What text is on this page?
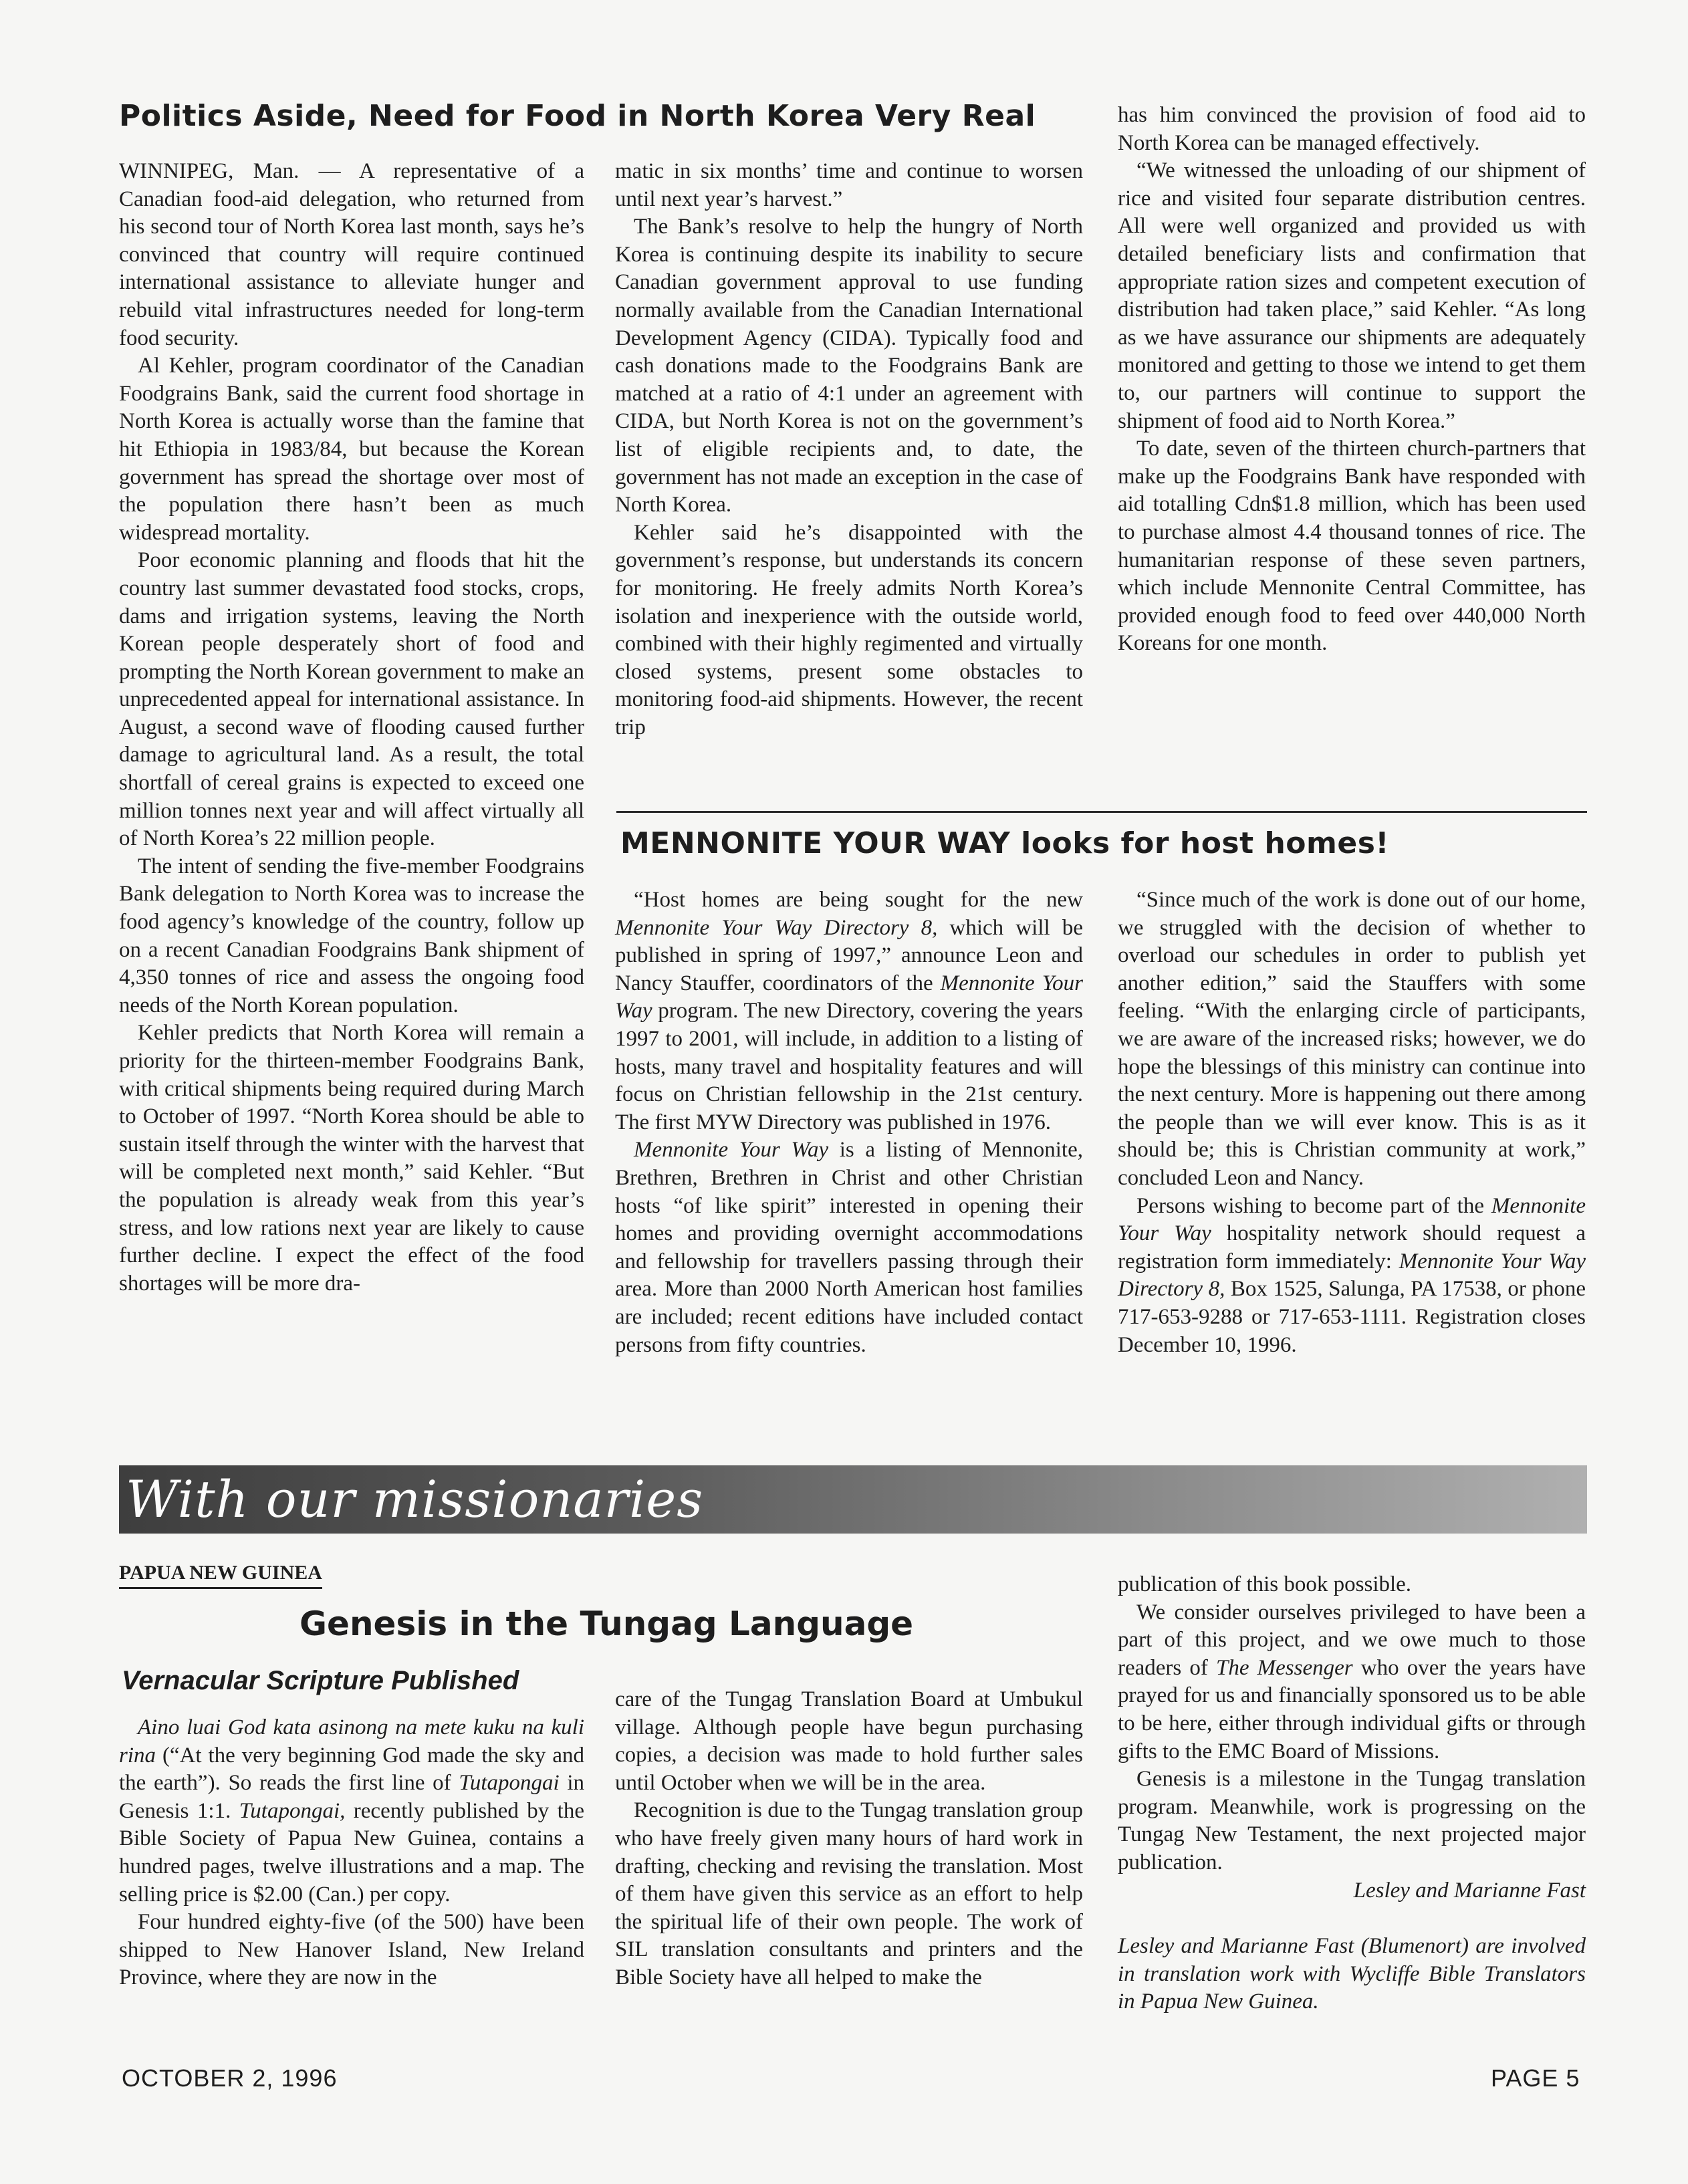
Politics Aside, Need for Food in North Korea Very Real

WINNIPEG, Man. — A representative of a Canadian food-aid delegation, who returned from his second tour of North Korea last month, says he’s convinced that country will require continued international assistance to alleviate hunger and rebuild vital infrastructures needed for long-term food security.

Al Kehler, program coordinator of the Canadian Foodgrains Bank, said the current food shortage in North Korea is actually worse than the famine that hit Ethiopia in 1983/84, but because the Korean government has spread the shortage over most of the population there hasn’t been as much widespread mortality.

Poor economic planning and floods that hit the country last summer devastated food stocks, crops, dams and irrigation systems, leaving the North Korean people desperately short of food and prompting the North Korean government to make an unprecedented appeal for international assistance. In August, a second wave of flooding caused further damage to agricultural land. As a result, the total shortfall of cereal grains is expected to exceed one million tonnes next year and will affect virtually all of North Korea’s 22 million people.

The intent of sending the five-member Foodgrains Bank delegation to North Korea was to increase the food agency’s knowledge of the country, follow up on a recent Canadian Foodgrains Bank shipment of 4,350 tonnes of rice and assess the ongoing food needs of the North Korean population.

Kehler predicts that North Korea will remain a priority for the thirteen-member Foodgrains Bank, with critical shipments being required during March to October of 1997. “North Korea should be able to sustain itself through the winter with the harvest that will be completed next month,” said Kehler. “But the population is already weak from this year’s stress, and low rations next year are likely to cause further decline. I expect the effect of the food shortages will be more dra-

matic in six months’ time and continue to worsen until next year’s harvest.”

The Bank’s resolve to help the hungry of North Korea is continuing despite its inability to secure Canadian government approval to use funding normally available from the Canadian International Development Agency (CIDA). Typically food and cash donations made to the Foodgrains Bank are matched at a ratio of 4:1 under an agreement with CIDA, but North Korea is not on the government’s list of eligible recipients and, to date, the government has not made an exception in the case of North Korea.

Kehler said he’s disappointed with the government’s response, but understands its concern for monitoring. He freely admits North Korea’s isolation and inexperience with the outside world, combined with their highly regimented and virtually closed systems, present some obstacles to monitoring food-aid shipments. However, the recent trip

has him convinced the provision of food aid to North Korea can be managed effectively.

“We witnessed the unloading of our shipment of rice and visited four separate distribution centres. All were well organized and provided us with detailed beneficiary lists and confirmation that appropriate ration sizes and competent execution of distribution had taken place,” said Kehler. “As long as we have assurance our shipments are adequately monitored and getting to those we intend to get them to, our partners will continue to support the shipment of food aid to North Korea.”

To date, seven of the thirteen church-partners that make up the Foodgrains Bank have responded with aid totalling Cdn$1.8 million, which has been used to purchase almost 4.4 thousand tonnes of rice. The humanitarian response of these seven partners, which include Mennonite Central Committee, has provided enough food to feed over 440,000 North Koreans for one month.

MENNONITE YOUR WAY looks for host homes!

“Host homes are being sought for the new Mennonite Your Way Directory 8, which will be published in spring of 1997,” announce Leon and Nancy Stauffer, coordinators of the Mennonite Your Way program. The new Directory, covering the years 1997 to 2001, will include, in addition to a listing of hosts, many travel and hospitality features and will focus on Christian fellowship in the 21st century. The first MYW Directory was published in 1976.

Mennonite Your Way is a listing of Mennonite, Brethren, Brethren in Christ and other Christian hosts “of like spirit” interested in opening their homes and providing overnight accommodations and fellowship for travellers passing through their area. More than 2000 North American host families are included; recent editions have included contact persons from fifty countries.

“Since much of the work is done out of our home, we struggled with the decision of whether to overload our schedules in order to publish yet another edition,” said the Stauffers with some feeling. “With the enlarging circle of participants, we are aware of the increased risks; however, we do hope the blessings of this ministry can continue into the next century. More is happening out there among the people than we will ever know. This is as it should be; this is Christian community at work,” concluded Leon and Nancy.

Persons wishing to become part of the Mennonite Your Way hospitality network should request a registration form immediately: Mennonite Your Way Directory 8, Box 1525, Salunga, PA 17538, or phone 717-653-9288 or 717-653-1111. Registration closes December 10, 1996.

With our missionaries
PAPUA NEW GUINEA
Genesis in the Tungag Language
Vernacular Scripture Published

Aino luai God kata asinong na mete kuku na kuli rina (“At the very beginning God made the sky and the earth”). So reads the first line of Tutapongai in Genesis 1:1. Tutapongai, recently published by the Bible Society of Papua New Guinea, contains a hundred pages, twelve illustrations and a map. The selling price is $2.00 (Can.) per copy.

Four hundred eighty-five (of the 500) have been shipped to New Hanover Island, New Ireland Province, where they are now in the

care of the Tungag Translation Board at Umbukul village. Although people have begun purchasing copies, a decision was made to hold further sales until October when we will be in the area.

Recognition is due to the Tungag translation group who have freely given many hours of hard work in drafting, checking and revising the translation. Most of them have given this service as an effort to help the spiritual life of their own people. The work of SIL translation consultants and printers and the Bible Society have all helped to make the

publication of this book possible.

We consider ourselves privileged to have been a part of this project, and we owe much to those readers of The Messenger who over the years have prayed for us and financially sponsored us to be able to be here, either through individual gifts or through gifts to the EMC Board of Missions.

Genesis is a milestone in the Tungag translation program. Meanwhile, work is progressing on the Tungag New Testament, the next projected major publication.

Lesley and Marianne Fast

Lesley and Marianne Fast (Blumenort) are involved in translation work with Wycliffe Bible Translators in Papua New Guinea.

OCTOBER 2, 1996	PAGE 5
